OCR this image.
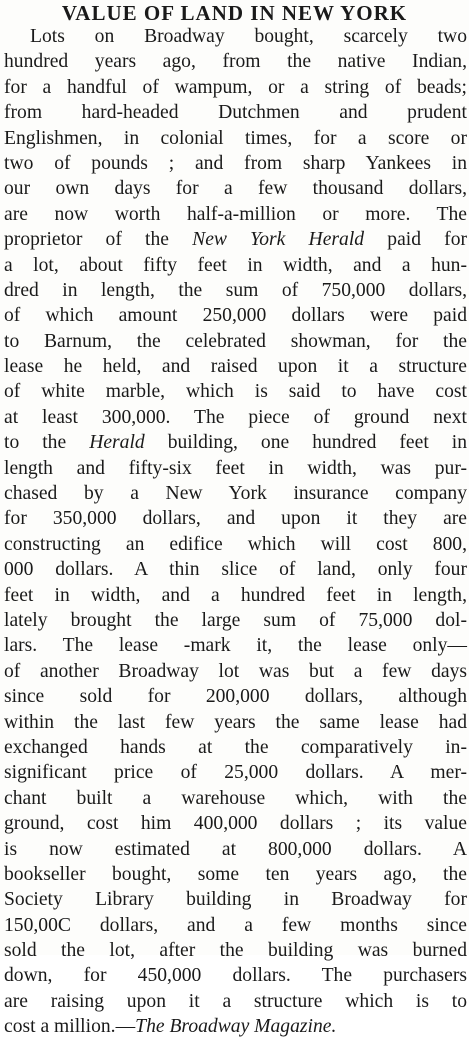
VALUE OF LAND IN NEW YORK
Lots on Broadway bought, scarcely two
hundred years ago, from the native Indian,
for a handful of wampum, or a string of beads;
from hard-headed Dutchmen and prudent
Englishmen, in colonial times, for a score or
two of pounds ; and from sharp Yankees in
our own days for a few thousand dollars,
are now worth half-a-million or more. The
proprietor of the New York Herald paid for
a lot, about fifty feet in width, and a hun-
dred in length, the sum of 750,000 dollars,
of which amount 250,000 dollars were paid
to Barnum, the celebrated showman, for the
lease he held, and raised upon it a structure
of white marble, which is said to have cost
at least 300,000. The piece of ground next
to the Herald building, one hundred feet in
length and fifty-six feet in width, was pur-
chased by a New York insurance company
for 350,000 dollars, and upon it they are
constructing an edifice which will cost 800,
000 dollars. A thin slice of land, only four
feet in width, and a hundred feet in length,
lately brought the large sum of 75,000 dol-
lars. The lease -mark it, the lease only—
of another Broadway lot was but a few days
since sold for 200,000 dollars, although
within the last few years the same lease had
exchanged hands at the comparatively in-
significant price of 25,000 dollars. A mer-
chant built a warehouse which, with the
ground, cost him 400,000 dollars ; its value
is now estimated at 800,000 dollars. A
bookseller bought, some ten years ago, the
Society Library building in Broadway for
150,00C dollars, and a few months since
sold the lot, after the building was burned
down, for 450,000 dollars. The purchasers
are raising upon it a structure which is to
cost a million.—The Broadway Magazine.
